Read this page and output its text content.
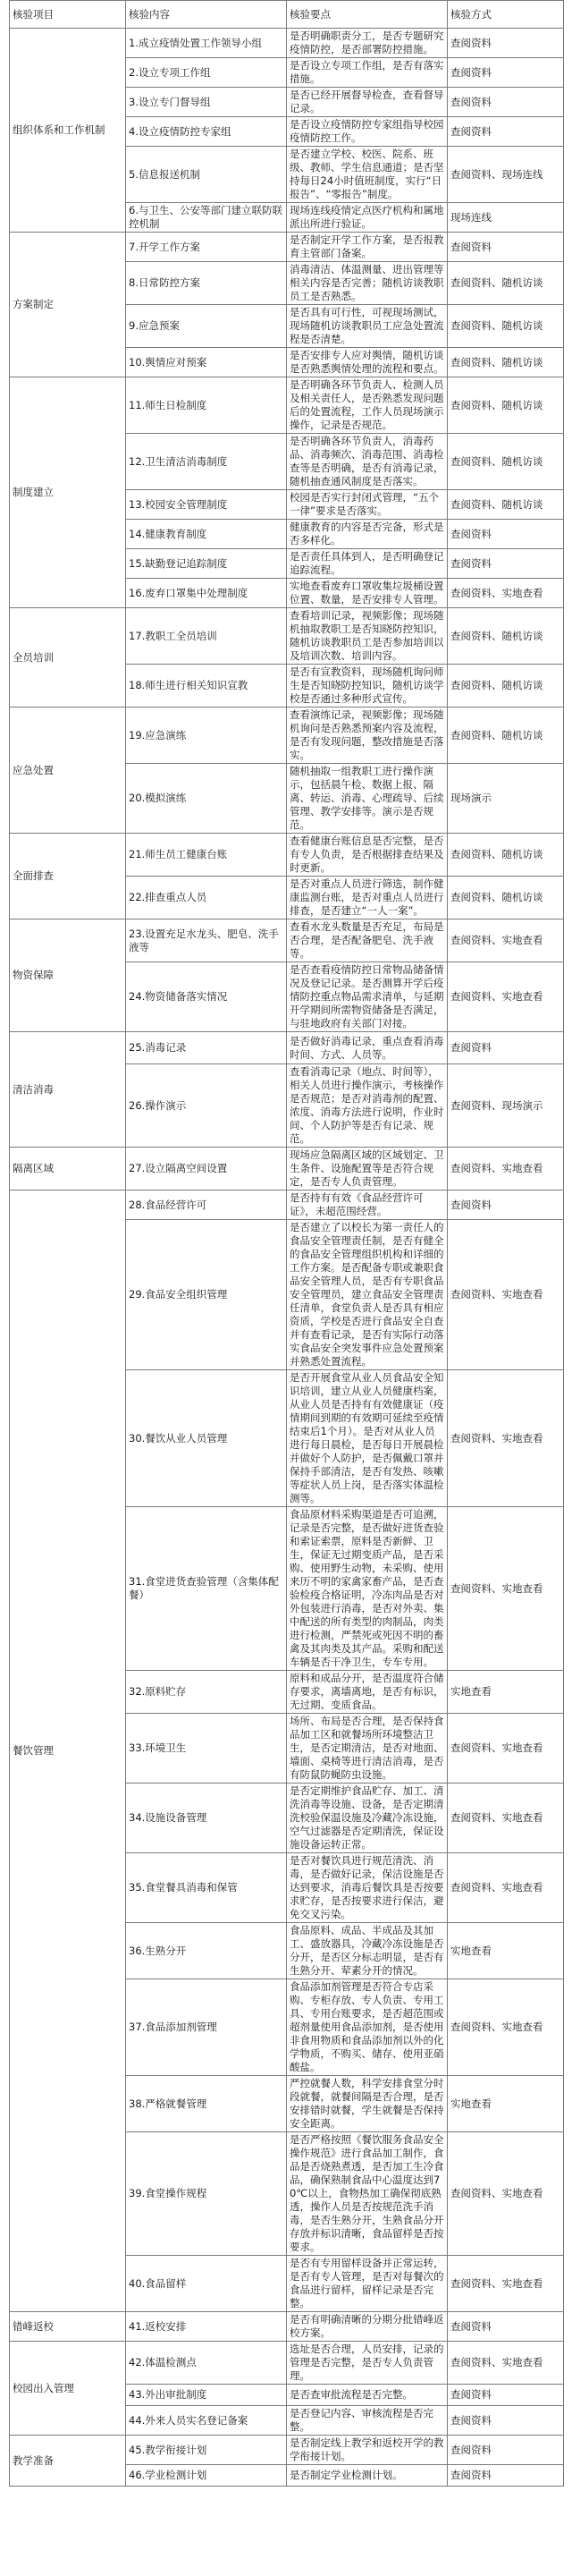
核验项目	核验内容	核验要点	核验方式
组织体系和工作机制	1.成立疫情处置工作领导小组	是否明确职责分工，是否专题研究疫情防控，是否部署防控措施。	查阅资料
	2.设立专项工作组	是否设立专项工作组，是否有落实措施。	查阅资料
	3.设立专门督导组	是否已经开展督导检查，查看督导记录。	查阅资料
	4.设立疫情防控专家组	是否设立疫情防控专家组指导校园疫情防控工作。	查阅资料
	5.信息报送机制	是否建立学校、校医、院系、班级、教师、学生信息通道；是否坚持每日24小时值班制度，实行“日报告”、“零报告”制度。	查阅资料、现场连线
	6.与卫生、公安等部门建立联防联控机制	现场连线疫情定点医疗机构和属地派出所进行验证。	现场连线
方案制定	7.开学工作方案	是否制定开学工作方案，是否报教育主管部门备案。	查阅资料
	8.日常防控方案	消毒清洁、体温测量、进出管理等相关内容是否完善；随机访谈教职员工是否熟悉。	查阅资料、随机访谈
	9.应急预案	是否具有可行性，可视现场测试，现场随机访谈教职员工应急处置流程是否清楚。	查阅资料、随机访谈
	10.舆情应对预案	是否安排专人应对舆情，随机访谈是否熟悉舆情处理的流程和要点。	查阅资料、随机访谈
制度建立	11.师生日检制度	是否明确各环节负责人、检测人员及相关责任人，是否熟悉发现问题后的处置流程，工作人员现场演示操作，记录是否规范。	查阅资料、随机访谈
	12.卫生清洁消毒制度	是否明确各环节负责人，消毒药品、消毒频次、消毒范围、消毒检查等是否明确，是否有消毒记录，随机抽查通风制度是否落实。	查阅资料、随机访谈
	13.校园安全管理制度	校园是否实行封闭式管理，“五个一律”要求是否落实。	查阅资料、随机访谈
	14.健康教育制度	健康教育的内容是否完备，形式是否多样化。	查阅资料
	15.缺勤登记追踪制度	是否责任具体到人，是否明确登记追踪流程。	查阅资料
	16.废弃口罩集中处理制度	实地查看废弃口罩收集垃圾桶设置位置、数量，是否安排专人管理。	查阅资料、实地查看
全员培训	17.教职工全员培训	查看培训记录，视频影像；现场随机抽取教职工是否知晓防控知识，随机访谈教职员工是否参加培训以及培训次数、培训内容。	查阅资料、随机访谈
	18.师生进行相关知识宣教	是否有宣教资料，现场随机询问师生是否知晓防控知识，随机访谈学校是否通过多种形式宣传。	查阅资料、随机访谈
应急处置	19.应急演练	查看演练记录，视频影像；现场随机询问是否熟悉预案内容及流程，是否有发现问题，整改措施是否落实。	查阅资料、随机访谈
	20.模拟演练	随机抽取一组教职工进行操作演示，包括晨午检、数据上报、隔离、转运、消毒、心理疏导、后续管理、教学安排等。演示是否规范。	现场演示
全面排查	21.师生员工健康台账	查看健康台账信息是否完整，是否有专人负责，是否根据排查结果及时更新。	查阅资料、随机访谈
	22.排查重点人员	是否对重点人员进行筛选，制作健康监测台账，是否对重点人员进行排查，是否建立“一人一案”。	查阅资料、随机访谈
物资保障	23.设置充足水龙头、肥皂、洗手液等	查看水龙头数量是否充足，布局是否合理，是否配备肥皂、洗手液等。	查阅资料、实地查看
	24.物资储备落实情况	是否查看疫情防控日常物品储备情况及登记记录。是否测算开学后疫情防控重点物品需求清单，与延期开学期间所需物资储备是否满足，与驻地政府有关部门对接。	查阅资料、实地查看
清洁消毒	25.消毒记录	是否做好消毒记录，重点查看消毒时间、方式、人员等。	查阅资料
	26.操作演示	查看消毒记录（地点、时间等），相关人员进行操作演示，考核操作是否规范；是否对消毒剂的配置、浓度、消毒方法进行说明，作业时间、个人防护等是否有记录、规范。	查阅资料、现场演示
隔离区域	27.设立隔离空间设置	现场应急隔离区域的区域划定、卫生条件、设施配置等是否符合规定，是否专人负责管理。	查阅资料、实地查看
餐饮管理	28.食品经营许可	是否持有有效《食品经营许可证》，未超范围经营。	查阅资料
	29.食品安全组织管理	是否建立了以校长为第一责任人的食品安全管理责任制，是否有健全的食品安全管理组织机构和详细的工作方案。是否配备专职或兼职食品安全管理人员，是否有专职食品安全管理员，建立食品安全管理责任清单，食堂负责人是否具有相应资质，学校是否进行食品安全自查并有查看记录，是否有实际行动落实食品安全突发事件应急处置预案并熟悉处置流程。	查阅资料、实地查看
	30.餐饮从业人员管理	是否开展食堂从业人员食品安全知识培训，建立从业人员健康档案，从业人员是否持有有效健康证（疫情期间到期的有效期可延续至疫情结束后1个月）。是否对从业人员进行每日晨检，是否每日开展晨检并做好个人防护，是否佩戴口罩并保持手部清洁，是否有发热、咳嗽等症状人员上岗，是否落实体温检测等。	查阅资料、实地查看
	31.食堂进货查验管理（含集体配餐）	食品原材料采购渠道是否可追溯，记录是否完整，是否做好进货查验和索证索票，原料是否新鲜、卫生，保证无过期变质产品，是否采购、使用野生动物，未采购、使用来历不明的家禽家畜产品，是否查验检疫合格证明，冷冻肉品是否对外包装进行消毒，是否对外卖、集中配送的所有类型的肉制品，肉类进行检测，严禁死或死因不明的畜禽及其肉类及其产品。采购和配送车辆是否干净卫生，专车专用。	查阅资料、实地查看
	32.原料贮存	原料和成品分开，是否温度符合储存要求，离墙离地，是否有标识，无过期、变质食品。	实地查看
	33.环境卫生	场所、布局是否合理，是否保持食品加工区和就餐场所环境整洁卫生，是否定期清洁，是否对地面、墙面、桌椅等进行清洁消毒，是否有防鼠防蝇防虫设施。	查阅资料、实地查看
	34.设施设备管理	是否定期维护食品贮存、加工、清洗消毒等设施、设备，是否定期清洗校验保温设施及冷藏冷冻设施，空气过滤器是否定期清洗，保证设施设备运转正常。	查阅资料、实地查看
	35.食堂餐具消毒和保管	是否对餐饮具进行规范清洗、消毒，是否做好记录，保洁设施是否达到要求，消毒后餐饮具是否按要求贮存，是否按要求进行保洁，避免交叉污染。	查阅资料、实地查看
	36.生熟分开	食品原料、成品、半成品及其加工、盛放器具，冷藏冷冻设施是否分开，是否区分标志明显，是否有生熟分开、荤素分开的情况。	实地查看
	37.食品添加剂管理	食品添加剂管理是否符合专店采购、专柜存放、专人负责、专用工具、专用台账要求，是否超范围或超剂量使用食品添加剂，是否使用非食用物质和食品添加剂以外的化学物质，不购买、储存、使用亚硝酸盐。	查阅资料、实地查看
	38.严格就餐管理	严控就餐人数，科学安排食堂分时段就餐，就餐间隔是否合理，是否安排错时就餐，学生就餐是否保持安全距离。	实地查看
	39.食堂操作规程	是否严格按照《餐饮服务食品安全操作规范》进行食品加工制作，食品是否烧熟煮透，是否加工生冷食品，确保熟制食品中心温度达到70℃以上，食物热加工确保彻底熟透，操作人员是否按规范洗手消毒，是否生熟分开，生熟食品分开存放并标识清晰，食品留样是否按要求。	查阅资料、实地查看
	40.食品留样	是否有专用留样设备并正常运转，是否有专人管理，是否对每餐次的食品进行留样，留样记录是否完整。	查阅资料、实地查看
错峰返校	41.返校安排	是否有明确清晰的分期分批错峰返校方案。	查阅资料
校园出入管理	42.体温检测点	选址是否合理，人员安排，记录的管理是否完整，是否专人负责管理。	查阅资料、实地查看
	43.外出审批制度	是否查审批流程是否完整。	查阅资料
	44.外来人员实名登记备案	是否登记内容、审核流程是否完整。	查阅资料
教学准备	45.教学衔接计划	是否制定线上教学和返校开学的教学衔接计划。	查阅资料
	46.学业检测计划	是否制定学业检测计划。	查阅资料
